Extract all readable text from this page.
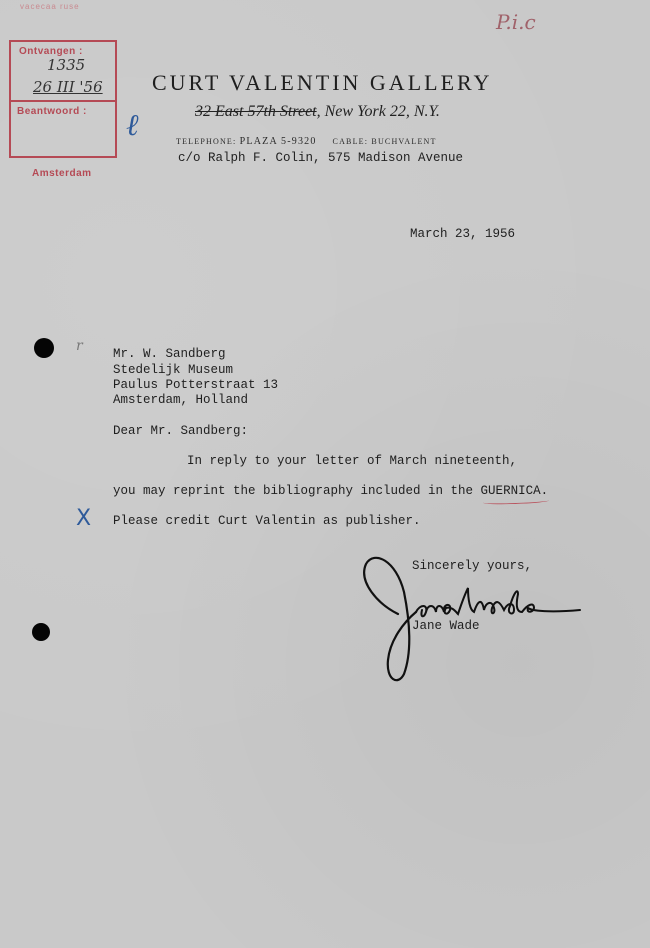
vacecaa ruse
Ontvangen :
1335
26 III '56
Beantwoord :
Amsterdam
P.i.c
ℓ
CURT VALENTIN GALLERY
32 East 57th Street, New York 22, N.Y.
TELEPHONE: PLAZA 5-9320 CABLE: BUCHVALENT
c/o Ralph F. Colin, 575 Madison Avenue
March 23, 1956
r Mr. W. Sandberg
Stedelijk Museum
Paulus Potterstraat 13
Amsterdam, Holland
Dear Mr. Sandberg:
In reply to your letter of March nineteenth,
you may reprint the bibliography included in the GUERNICA.
X Please credit Curt Valentin as publisher.
Sincerely yours,
Jane Wade
